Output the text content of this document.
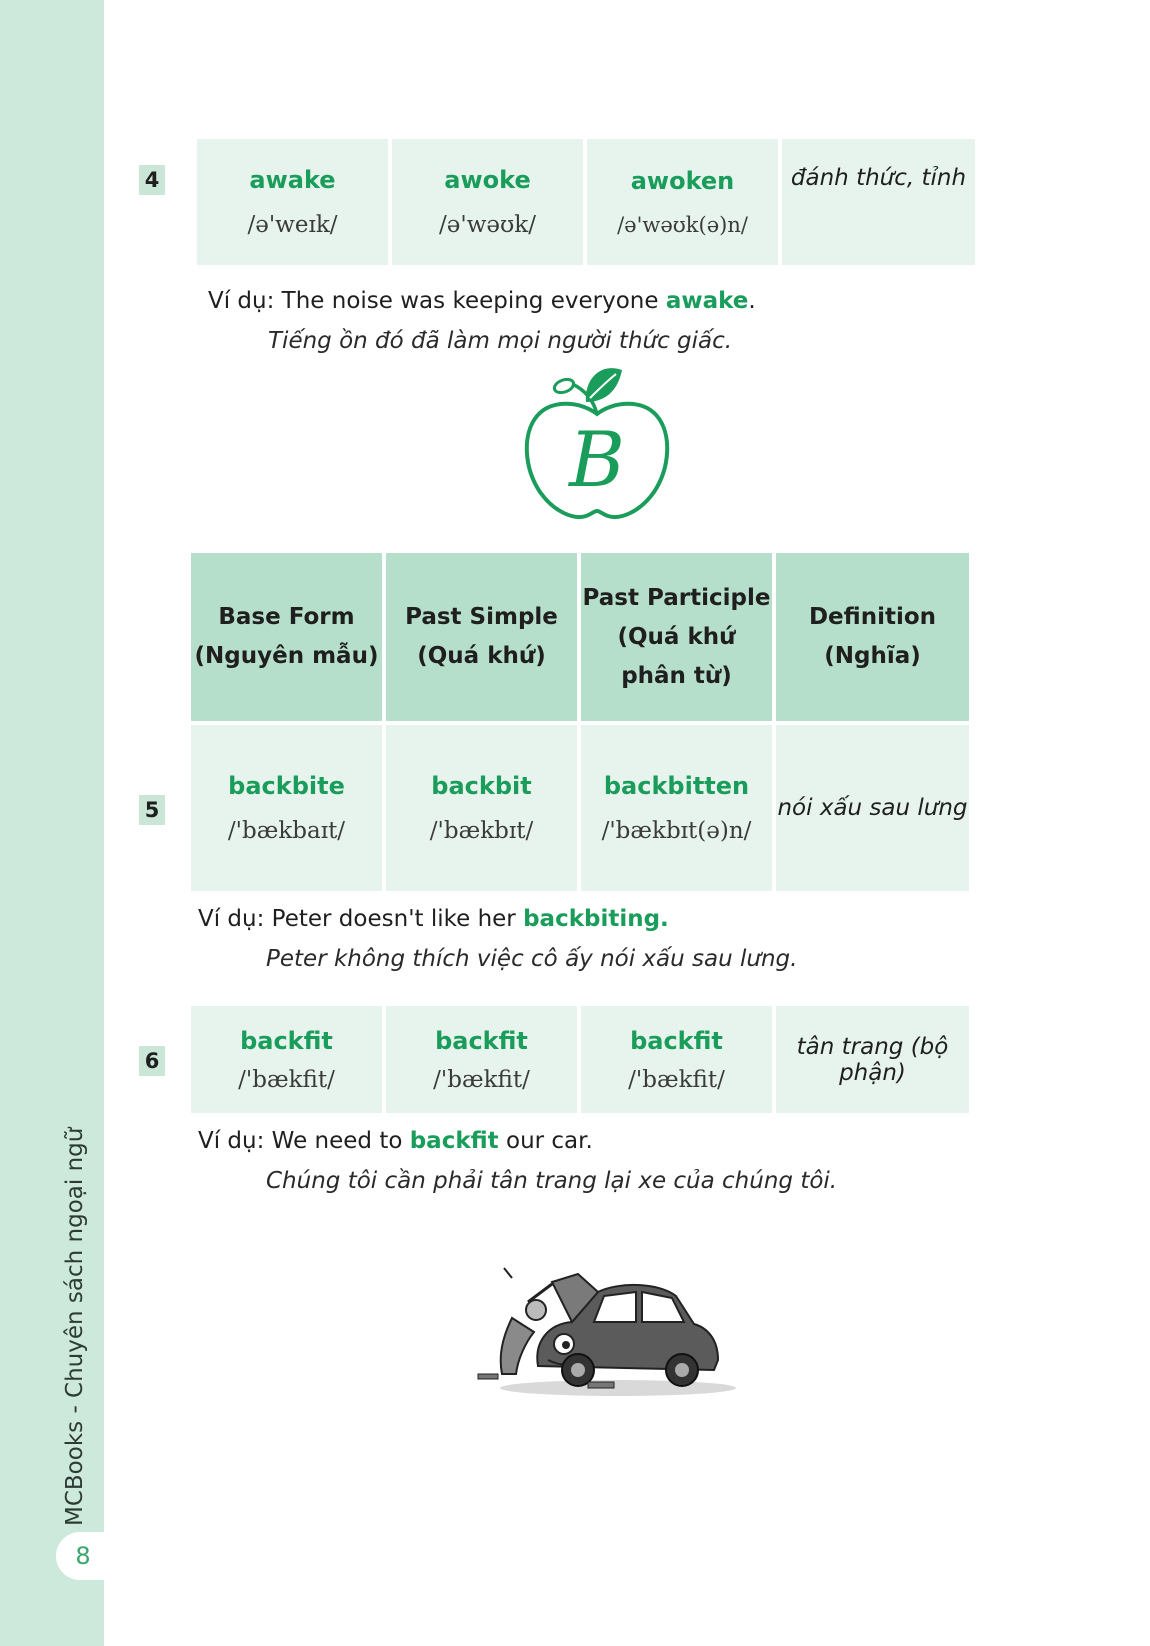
MCBooks - Chuyên sách ngoại ngữ
8
4	awake
/ə'weɪk/
awoke
/ə'wəʊk/
awoken
/ə'wəʊk(ə)n/
đánh thức, tỉnh
Ví dụ: The noise was keeping everyone awake.
Tiếng ồn đó đã làm mọi người thức giấc.
B
Base Form
(Nguyên mẫu)
Past Simple
(Quá khứ)
Past Participle
(Quá khứ
phân từ)
Definition
(Nghĩa)
5
backbite
/'bækbaɪt/
backbit
/'bækbɪt/
backbitten
/'bækbɪt(ə)n/
nói xấu sau lưng
Ví dụ: Peter doesn't like her backbiting.
Peter không thích việc cô ấy nói xấu sau lưng.
6
backfit
/'bækfit/
backfit
/'bækfit/
backfit
/'bækfit/
tân trang (bộ phận)
Ví dụ: We need to backfit our car.
Chúng tôi cần phải tân trang lại xe của chúng tôi.
